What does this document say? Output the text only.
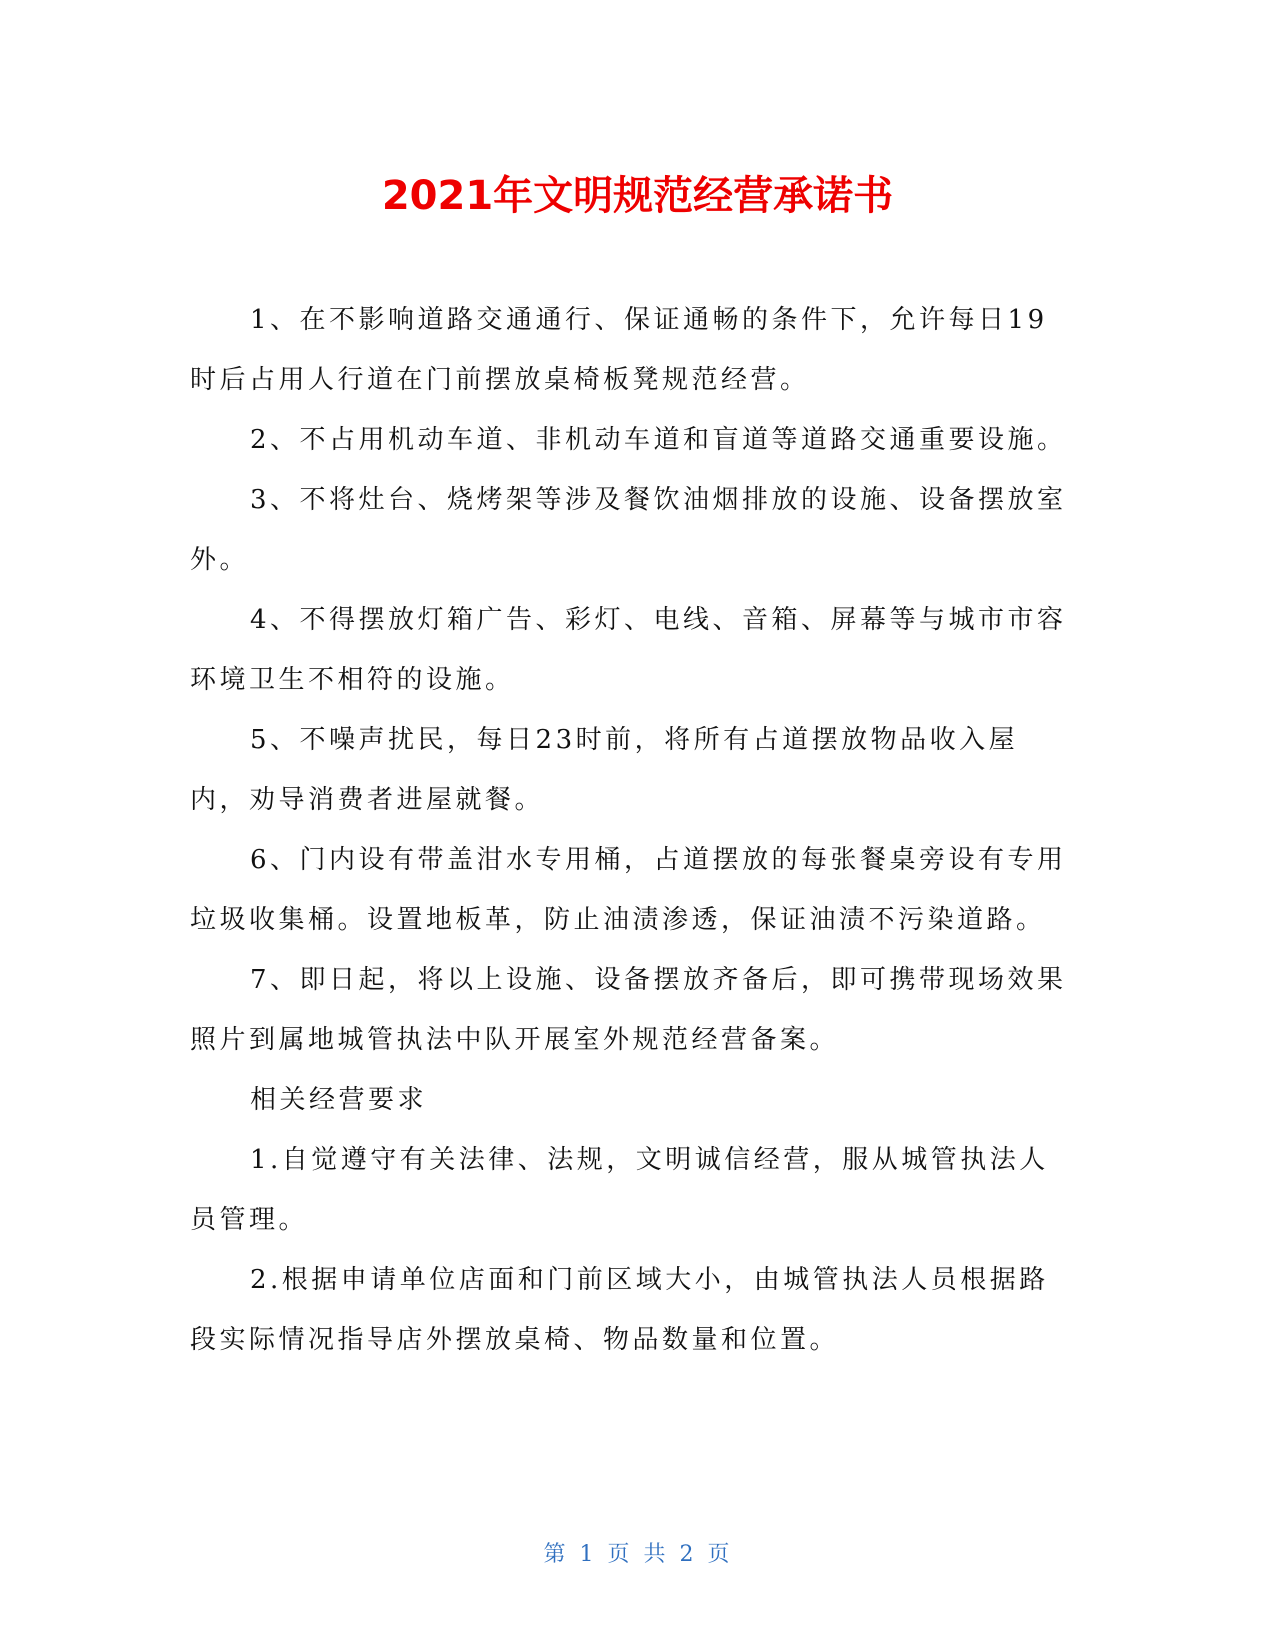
2021年文明规范经营承诺书

1、在不影响道路交通通行、保证通畅的条件下，允许每日19时后占用人行道在门前摆放桌椅板凳规范经营。

2、不占用机动车道、非机动车道和盲道等道路交通重要设施。

3、不将灶台、烧烤架等涉及餐饮油烟排放的设施、设备摆放室外。

4、不得摆放灯箱广告、彩灯、电线、音箱、屏幕等与城市市容环境卫生不相符的设施。

5、不噪声扰民，每日23时前，将所有占道摆放物品收入屋内，劝导消费者进屋就餐。

6、门内设有带盖泔水专用桶，占道摆放的每张餐桌旁设有专用垃圾收集桶。设置地板革，防止油渍渗透，保证油渍不污染道路。

7、即日起，将以上设施、设备摆放齐备后，即可携带现场效果照片到属地城管执法中队开展室外规范经营备案。

相关经营要求

1.自觉遵守有关法律、法规，文明诚信经营，服从城管执法人员管理。

2.根据申请单位店面和门前区域大小，由城管执法人员根据路段实际情况指导店外摆放桌椅、物品数量和位置。

第 1 页 共 2 页
